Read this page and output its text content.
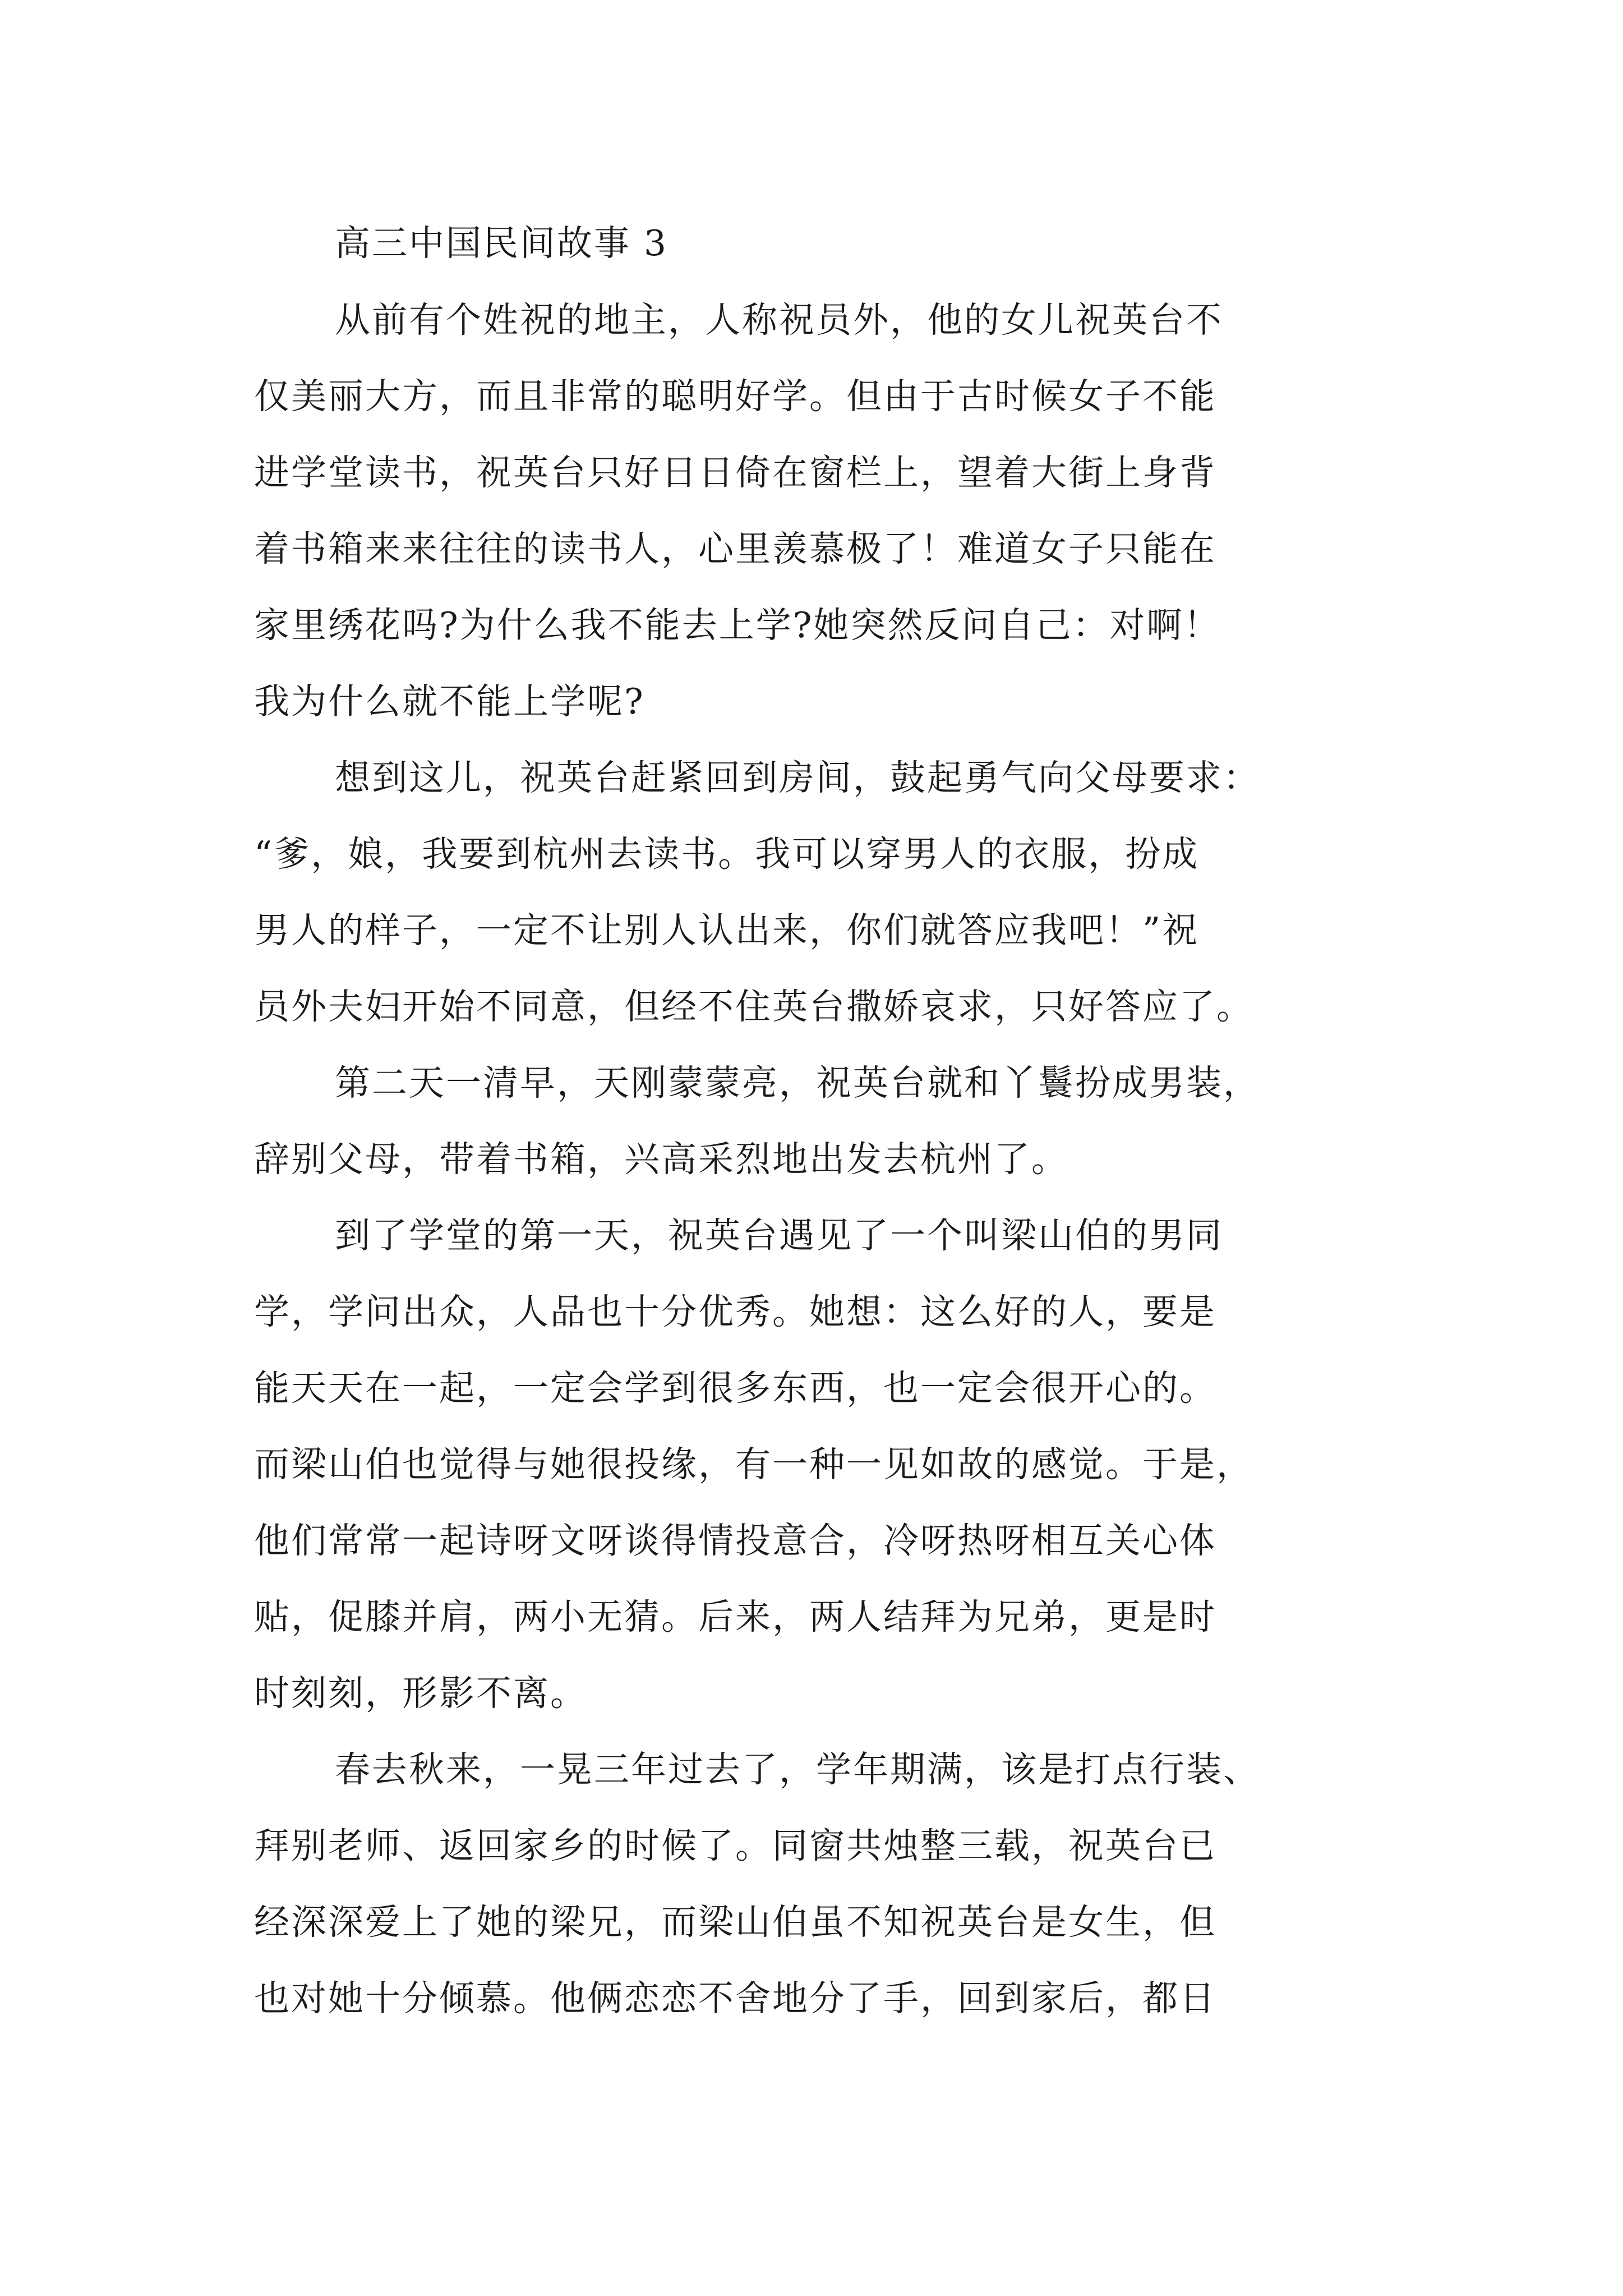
高三中国民间故事 3

从前有个姓祝的地主，人称祝员外，他的女儿祝英台不

仅美丽大方，而且非常的聪明好学。但由于古时候女子不能

进学堂读书，祝英台只好日日倚在窗栏上，望着大街上身背

着书箱来来往往的读书人，心里羡慕极了！难道女子只能在

家里绣花吗?为什么我不能去上学?她突然反问自己：对啊！

我为什么就不能上学呢?

想到这儿，祝英台赶紧回到房间，鼓起勇气向父母要求：

“爹，娘，我要到杭州去读书。我可以穿男人的衣服，扮成

男人的样子，一定不让别人认出来，你们就答应我吧！”祝

员外夫妇开始不同意，但经不住英台撒娇哀求，只好答应了。

第二天一清早，天刚蒙蒙亮，祝英台就和丫鬟扮成男装，

辞别父母，带着书箱，兴高采烈地出发去杭州了。

到了学堂的第一天，祝英台遇见了一个叫梁山伯的男同

学，学问出众，人品也十分优秀。她想：这么好的人，要是

能天天在一起，一定会学到很多东西，也一定会很开心的。

而梁山伯也觉得与她很投缘，有一种一见如故的感觉。于是，

他们常常一起诗呀文呀谈得情投意合，冷呀热呀相互关心体

贴，促膝并肩，两小无猜。后来，两人结拜为兄弟，更是时

时刻刻，形影不离。

春去秋来，一晃三年过去了，学年期满，该是打点行装、

拜别老师、返回家乡的时候了。同窗共烛整三载，祝英台已

经深深爱上了她的梁兄，而梁山伯虽不知祝英台是女生，但

也对她十分倾慕。他俩恋恋不舍地分了手，回到家后，都日
